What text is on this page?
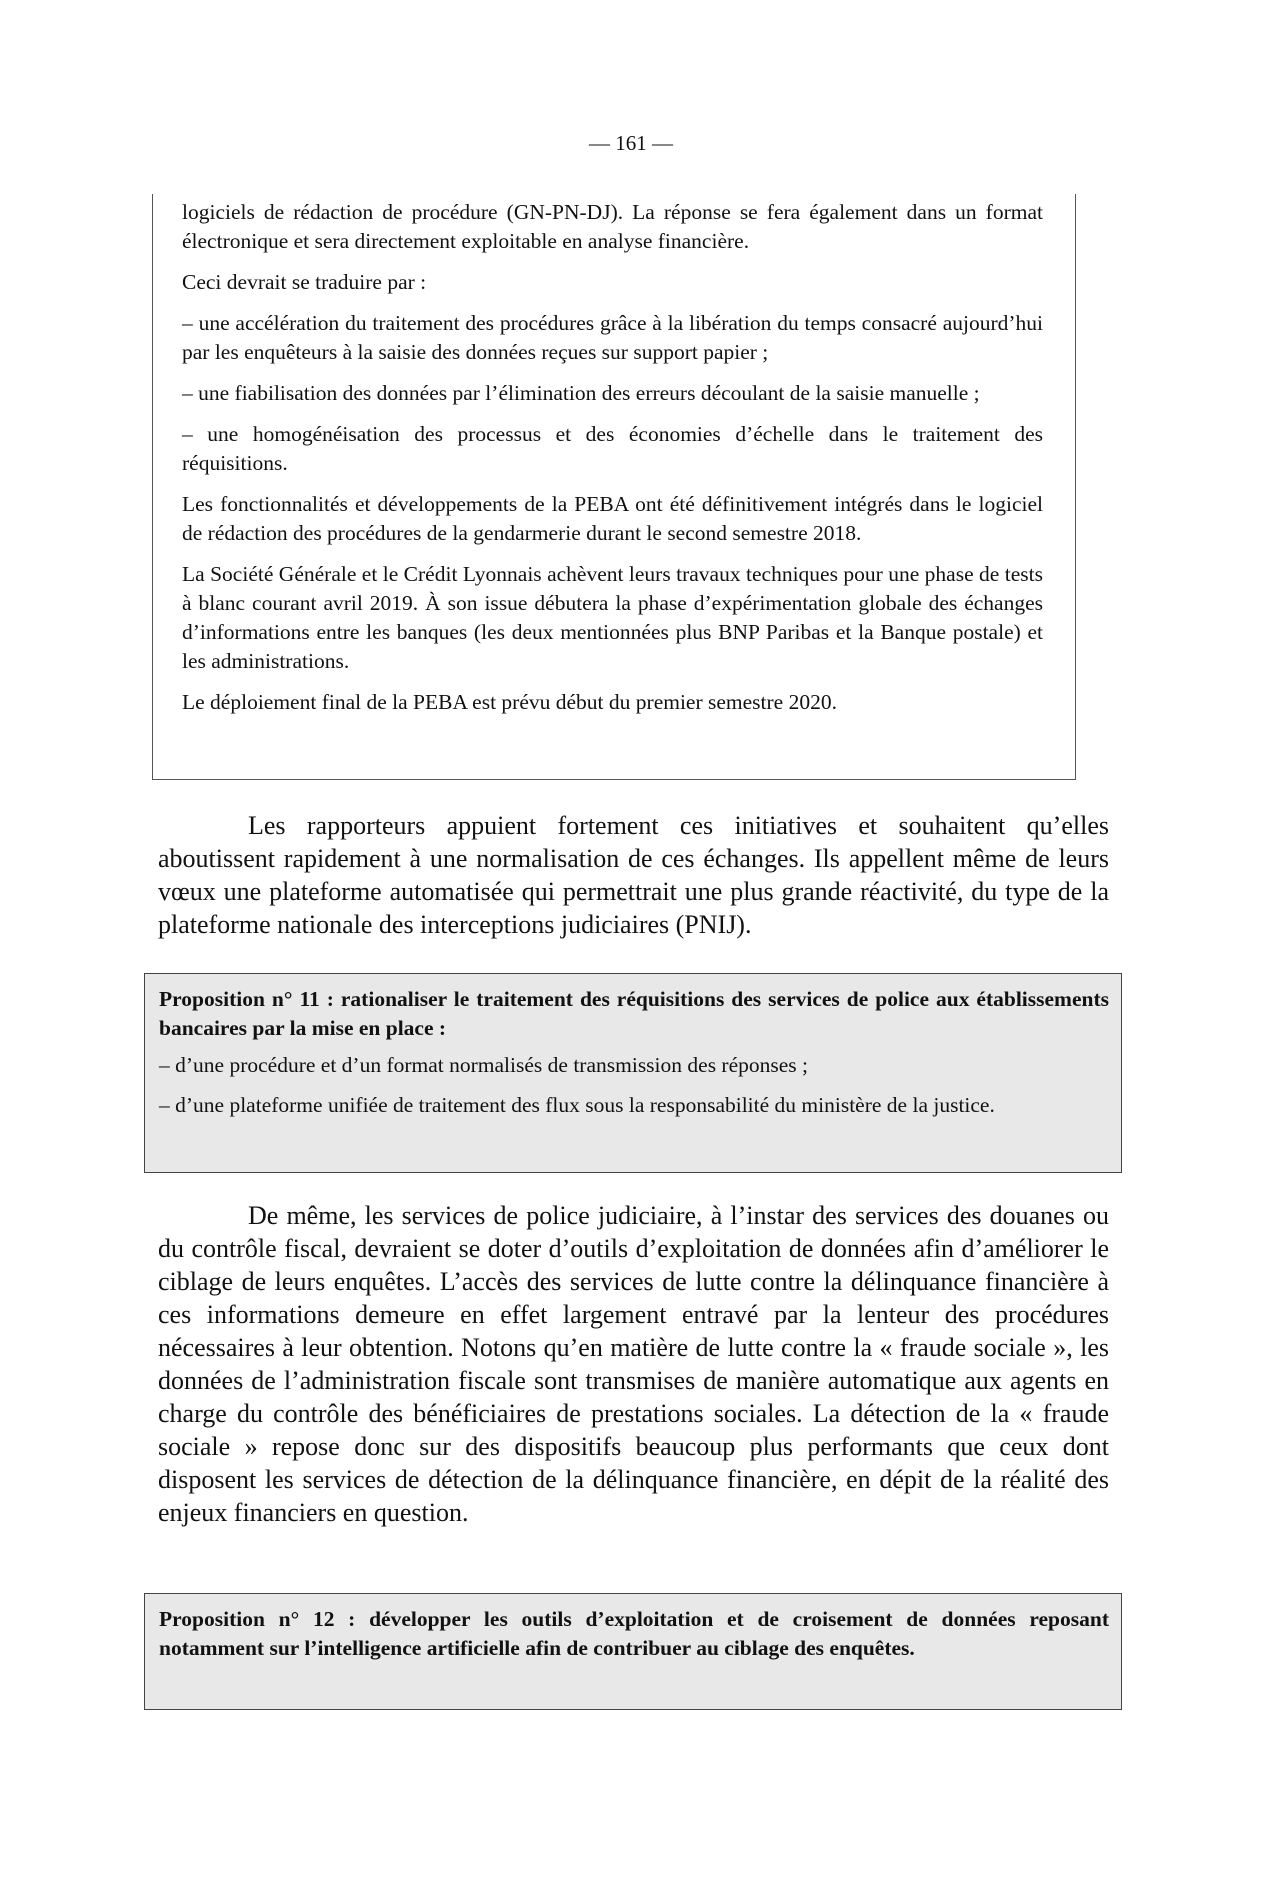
— 161 —

logiciels de rédaction de procédure (GN-PN-DJ). La réponse se fera également dans un format électronique et sera directement exploitable en analyse financière.

Ceci devrait se traduire par :

– une accélération du traitement des procédures grâce à la libération du temps consacré aujourd’hui par les enquêteurs à la saisie des données reçues sur support papier ;

– une fiabilisation des données par l’élimination des erreurs découlant de la saisie manuelle ;

– une homogénéisation des processus et des économies d’échelle dans le traitement des réquisitions.

Les fonctionnalités et développements de la PEBA ont été définitivement intégrés dans le logiciel de rédaction des procédures de la gendarmerie durant le second semestre 2018.

La Société Générale et le Crédit Lyonnais achèvent leurs travaux techniques pour une phase de tests à blanc courant avril 2019. À son issue débutera la phase d’expérimentation globale des échanges d’informations entre les banques (les deux mentionnées plus BNP Paribas et la Banque postale) et les administrations.

Le déploiement final de la PEBA est prévu début du premier semestre 2020.

Les rapporteurs appuient fortement ces initiatives et souhaitent qu’elles aboutissent rapidement à une normalisation de ces échanges. Ils appellent même de leurs vœux une plateforme automatisée qui permettrait une plus grande réactivité, du type de la plateforme nationale des interceptions judiciaires (PNIJ).

Proposition n° 11 : rationaliser le traitement des réquisitions des services de police aux établissements bancaires par la mise en place :

– d’une procédure et d’un format normalisés de transmission des réponses ;

– d’une plateforme unifiée de traitement des flux sous la responsabilité du ministère de la justice.

De même, les services de police judiciaire, à l’instar des services des douanes ou du contrôle fiscal, devraient se doter d’outils d’exploitation de données afin d’améliorer le ciblage de leurs enquêtes. L’accès des services de lutte contre la délinquance financière à ces informations demeure en effet largement entravé par la lenteur des procédures nécessaires à leur obtention. Notons qu’en matière de lutte contre la « fraude sociale », les données de l’administration fiscale sont transmises de manière automatique aux agents en charge du contrôle des bénéficiaires de prestations sociales. La détection de la « fraude sociale » repose donc sur des dispositifs beaucoup plus performants que ceux dont disposent les services de détection de la délinquance financière, en dépit de la réalité des enjeux financiers en question.

Proposition n° 12 : développer les outils d’exploitation et de croisement de données reposant notamment sur l’intelligence artificielle afin de contribuer au ciblage des enquêtes.
